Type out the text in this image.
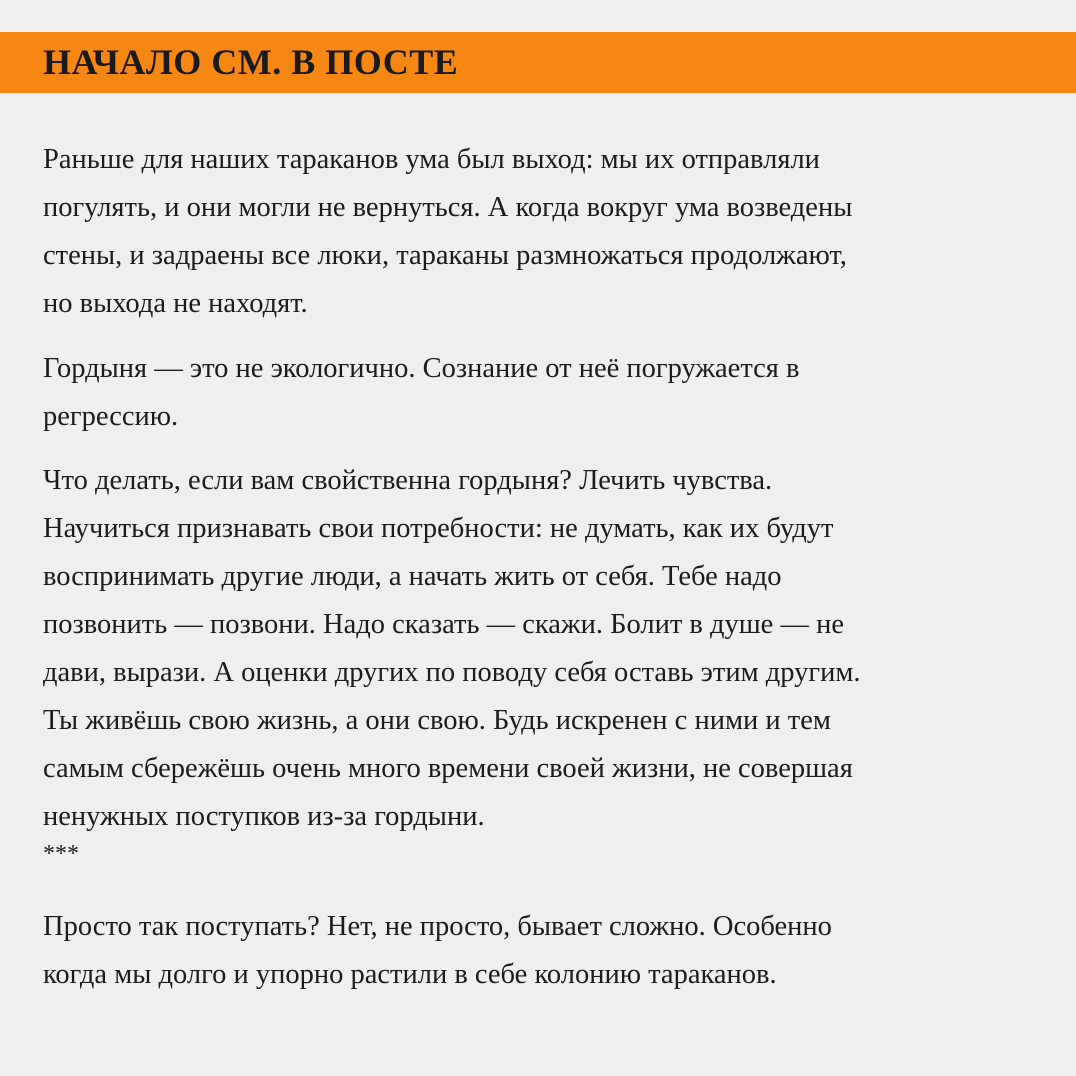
НАЧАЛО СМ. В ПОСТЕ

Раньше для наших тараканов ума был выход: мы их отправляли
погулять, и они могли не вернуться. А когда вокруг ума возведены
стены, и задраены все люки, тараканы размножаться продолжают,
но выхода не находят.

Гордыня — это не экологично. Сознание от неё погружается в
регрессию.

Что делать, если вам свойственна гордыня? Лечить чувства.
Научиться признавать свои потребности: не думать, как их будут
воспринимать другие люди, а начать жить от себя. Тебе надо
позвонить — позвони. Надо сказать — скажи. Болит в душе — не
дави, вырази. А оценки других по поводу себя оставь этим другим.
Ты живёшь свою жизнь, а они свою. Будь искренен с ними и тем
самым сбережёшь очень много времени своей жизни, не совершая
ненужных поступков из-за гордыни.

***

Просто так поступать? Нет, не просто, бывает сложно. Особенно
когда мы долго и упорно растили в себе колонию тараканов.
